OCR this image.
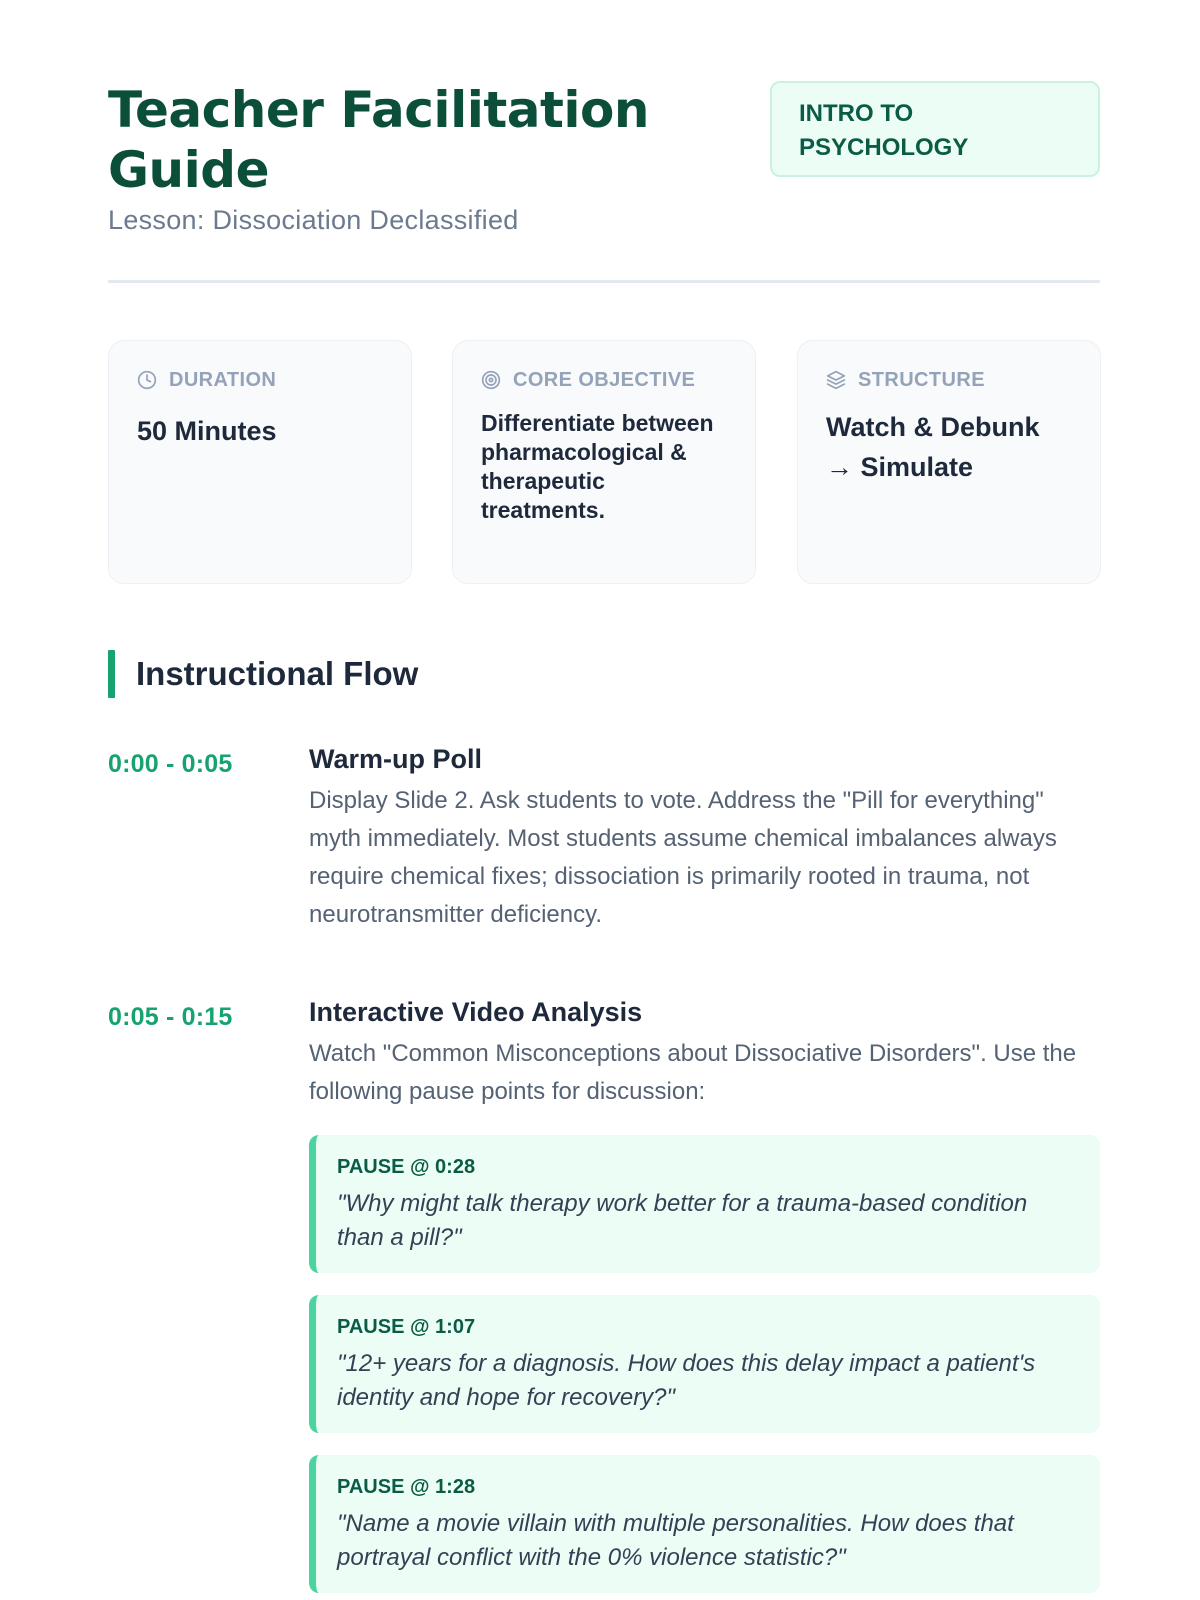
Teacher Facilitation Guide
Lesson: Dissociation Declassified
INTRO TO PSYCHOLOGY
DURATION
50 Minutes
CORE OBJECTIVE
Differentiate between pharmacological & therapeutic treatments.
STRUCTURE
Watch & Debunk → Simulate
Instructional Flow
0:00 - 0:05	Warm-up Poll

Display Slide 2. Ask students to vote. Address the "Pill for everything" myth immediately. Most students assume chemical imbalances always require chemical fixes; dissociation is primarily rooted in trauma, not neurotransmitter deficiency.

0:05 - 0:15	Interactive Video Analysis

Watch "Common Misconceptions about Dissociative Disorders". Use the following pause points for discussion:

PAUSE @ 0:28

"Why might talk therapy work better for a trauma-based condition than a pill?"

PAUSE @ 1:07

"12+ years for a diagnosis. How does this delay impact a patient's identity and hope for recovery?"

PAUSE @ 1:28

"Name a movie villain with multiple personalities. How does that portrayal conflict with the 0% violence statistic?"
